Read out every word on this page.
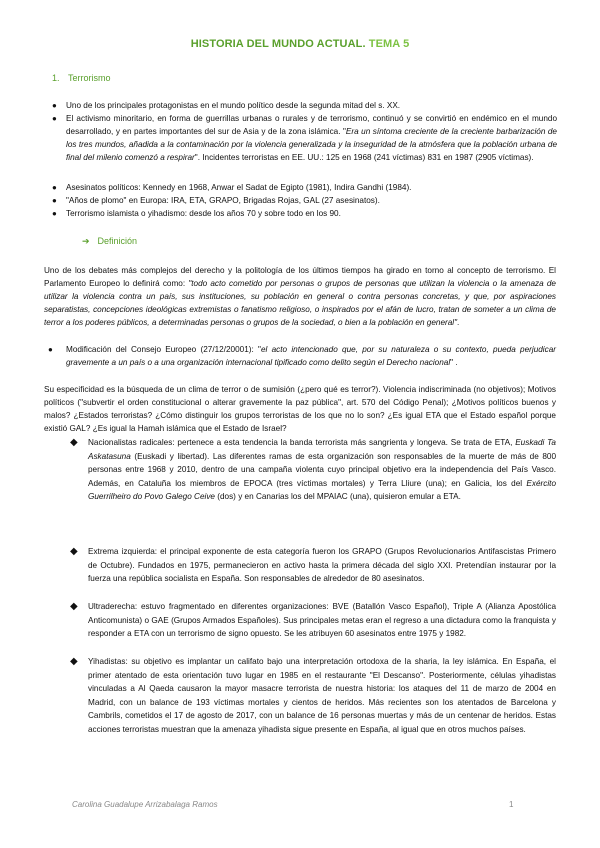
HISTORIA DEL MUNDO ACTUAL. TEMA 5
1. Terrorismo
● Uno de los principales protagonistas en el mundo político desde la segunda mitad del s. XX.
● El activismo minoritario, en forma de guerrillas urbanas o rurales y de terrorismo, continuó y se convirtió en endémico en el mundo desarrollado, y en partes importantes del sur de Asia y de la zona islámica. "Era un síntoma creciente de la creciente barbarización de los tres mundos, añadida a la contaminación por la violencia generalizada y la inseguridad de la atmósfera que la población urbana de final del milenio comenzó a respirar". Incidentes terroristas en EE. UU.: 125 en 1968 (241 víctimas) 831 en 1987 (2905 víctimas).
● Asesinatos políticos: Kennedy en 1968, Anwar el Sadat de Egipto (1981), Indira Gandhi (1984).
● "Años de plomo" en Europa: IRA, ETA, GRAPO, Brigadas Rojas, GAL (27 asesinatos).
● Terrorismo islamista o yihadismo: desde los años 70 y sobre todo en los 90.
➔ Definición
Uno de los debates más complejos del derecho y la politología de los últimos tiempos ha girado en torno al concepto de terrorismo. El Parlamento Europeo lo definirá como: "todo acto cometido por personas o grupos de personas que utilizan la violencia o la amenaza de utilizar la violencia contra un país, sus instituciones, su población en general o contra personas concretas, y que, por aspiraciones separatistas, concepciones ideológicas extremistas o fanatismo religioso, o inspirados por el afán de lucro, tratan de someter a un clima de terror a los poderes públicos, a determinadas personas o grupos de la sociedad, o bien a la población en general".
● Modificación del Consejo Europeo (27/12/20001): "el acto intencionado que, por su naturaleza o su contexto, pueda perjudicar gravemente a un país o a una organización internacional tipificado como delito según el Derecho nacional" .
Su especificidad es la búsqueda de un clima de terror o de sumisión (¿pero qué es terror?). Violencia indiscriminada (no objetivos); Motivos políticos ("subvertir el orden constitucional o alterar gravemente la paz pública", art. 570 del Código Penal); ¿Motivos políticos buenos y malos? ¿Estados terroristas? ¿Cómo distinguir los grupos terroristas de los que no lo son? ¿Es igual ETA que el Estado español porque existió GAL? ¿Es igual la Hamah islámica que el Estado de Israel?
◆ Nacionalistas radicales: pertenece a esta tendencia la banda terrorista más sangrienta y longeva. Se trata de ETA, Euskadi Ta Askatasuna (Euskadi y libertad). Las diferentes ramas de esta organización son responsables de la muerte de más de 800 personas entre 1968 y 2010, dentro de una campaña violenta cuyo principal objetivo era la independencia del País Vasco. Además, en Cataluña los miembros de EPOCA (tres víctimas mortales) y Terra Lliure (una); en Galicia, los del Exército Guerrilheiro do Povo Galego Ceive (dos) y en Canarias los del MPAIAC (una), quisieron emular a ETA.
◆ Extrema izquierda: el principal exponente de esta categoría fueron los GRAPO (Grupos Revolucionarios Antifascistas Primero de Octubre). Fundados en 1975, permanecieron en activo hasta la primera década del siglo XXI. Pretendían instaurar por la fuerza una república socialista en España. Son responsables de alrededor de 80 asesinatos.
◆ Ultraderecha: estuvo fragmentado en diferentes organizaciones: BVE (Batallón Vasco Español), Triple A (Alianza Apostólica Anticomunista) o GAE (Grupos Armados Españoles). Sus principales metas eran el regreso a una dictadura como la franquista y responder a ETA con un terrorismo de signo opuesto. Se les atribuyen 60 asesinatos entre 1975 y 1982.
◆ Yihadistas: su objetivo es implantar un califato bajo una interpretación ortodoxa de la sharia, la ley islámica. En España, el primer atentado de esta orientación tuvo lugar en 1985 en el restaurante "El Descanso". Posteriormente, células yihadistas vinculadas a Al Qaeda causaron la mayor masacre terrorista de nuestra historia: los ataques del 11 de marzo de 2004 en Madrid, con un balance de 193 víctimas mortales y cientos de heridos. Más recientes son los atentados de Barcelona y Cambrils, cometidos el 17 de agosto de 2017, con un balance de 16 personas muertas y más de un centenar de heridos. Estas acciones terroristas muestran que la amenaza yihadista sigue presente en España, al igual que en otros muchos países.
Carolina Guadalupe Arrizabalaga Ramos	1
